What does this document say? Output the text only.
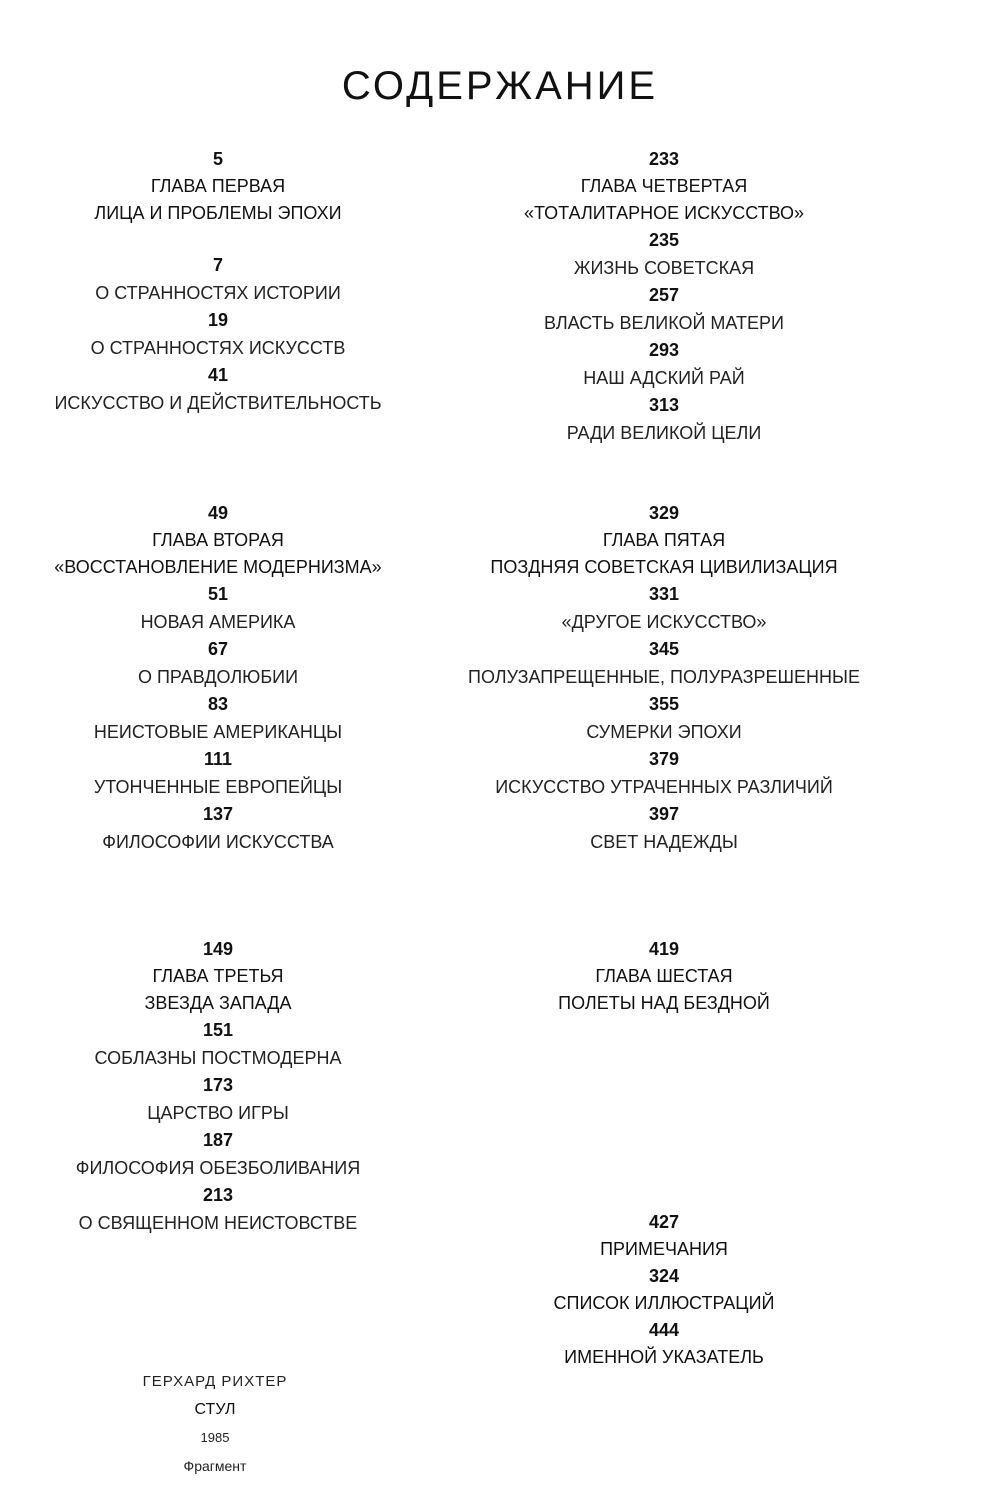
СОДЕРЖАНИЕ
5
ГЛАВА ПЕРВАЯ
ЛИЦА И ПРОБЛЕМЫ ЭПОХИ
7
О СТРАННОСТЯХ ИСТОРИИ
19
О СТРАННОСТЯХ ИСКУССТВ
41
ИСКУССТВО И ДЕЙСТВИТЕЛЬНОСТЬ
233
ГЛАВА ЧЕТВЕРТАЯ
«ТОТАЛИТАРНОЕ ИСКУССТВО»
235
ЖИЗНЬ СОВЕТСКАЯ
257
ВЛАСТЬ ВЕЛИКОЙ МАТЕРИ
293
НАШ АДСКИЙ РАЙ
313
РАДИ ВЕЛИКОЙ ЦЕЛИ
49
ГЛАВА ВТОРАЯ
«ВОССТАНОВЛЕНИЕ МОДЕРНИЗМА»
51
НОВАЯ АМЕРИКА
67
О ПРАВДОЛЮБИИ
83
НЕИСТОВЫЕ АМЕРИКАНЦЫ
111
УТОНЧЕННЫЕ ЕВРОПЕЙЦЫ
137
ФИЛОСОФИИ ИСКУССТВА
329
ГЛАВА ПЯТАЯ
ПОЗДНЯЯ СОВЕТСКАЯ ЦИВИЛИЗАЦИЯ
331
«ДРУГОЕ ИСКУССТВО»
345
ПОЛУЗАПРЕЩЕННЫЕ, ПОЛУРАЗРЕШЕННЫЕ
355
СУМЕРКИ ЭПОХИ
379
ИСКУССТВО УТРАЧЕННЫХ РАЗЛИЧИЙ
397
СВЕТ НАДЕЖДЫ
149
ГЛАВА ТРЕТЬЯ
ЗВЕЗДА ЗАПАДА
151
СОБЛАЗНЫ ПОСТМОДЕРНА
173
ЦАРСТВО ИГРЫ
187
ФИЛОСОФИЯ ОБЕЗБОЛИВАНИЯ
213
О СВЯЩЕННОМ НЕИСТОВСТВЕ
419
ГЛАВА ШЕСТАЯ
ПОЛЕТЫ НАД БЕЗДНОЙ
427
ПРИМЕЧАНИЯ
324
СПИСОК ИЛЛЮСТРАЦИЙ
444
ИМЕННОЙ УКАЗАТЕЛЬ
ГЕРХАРД РИХТЕР
СТУЛ
1985
Фрагмент
